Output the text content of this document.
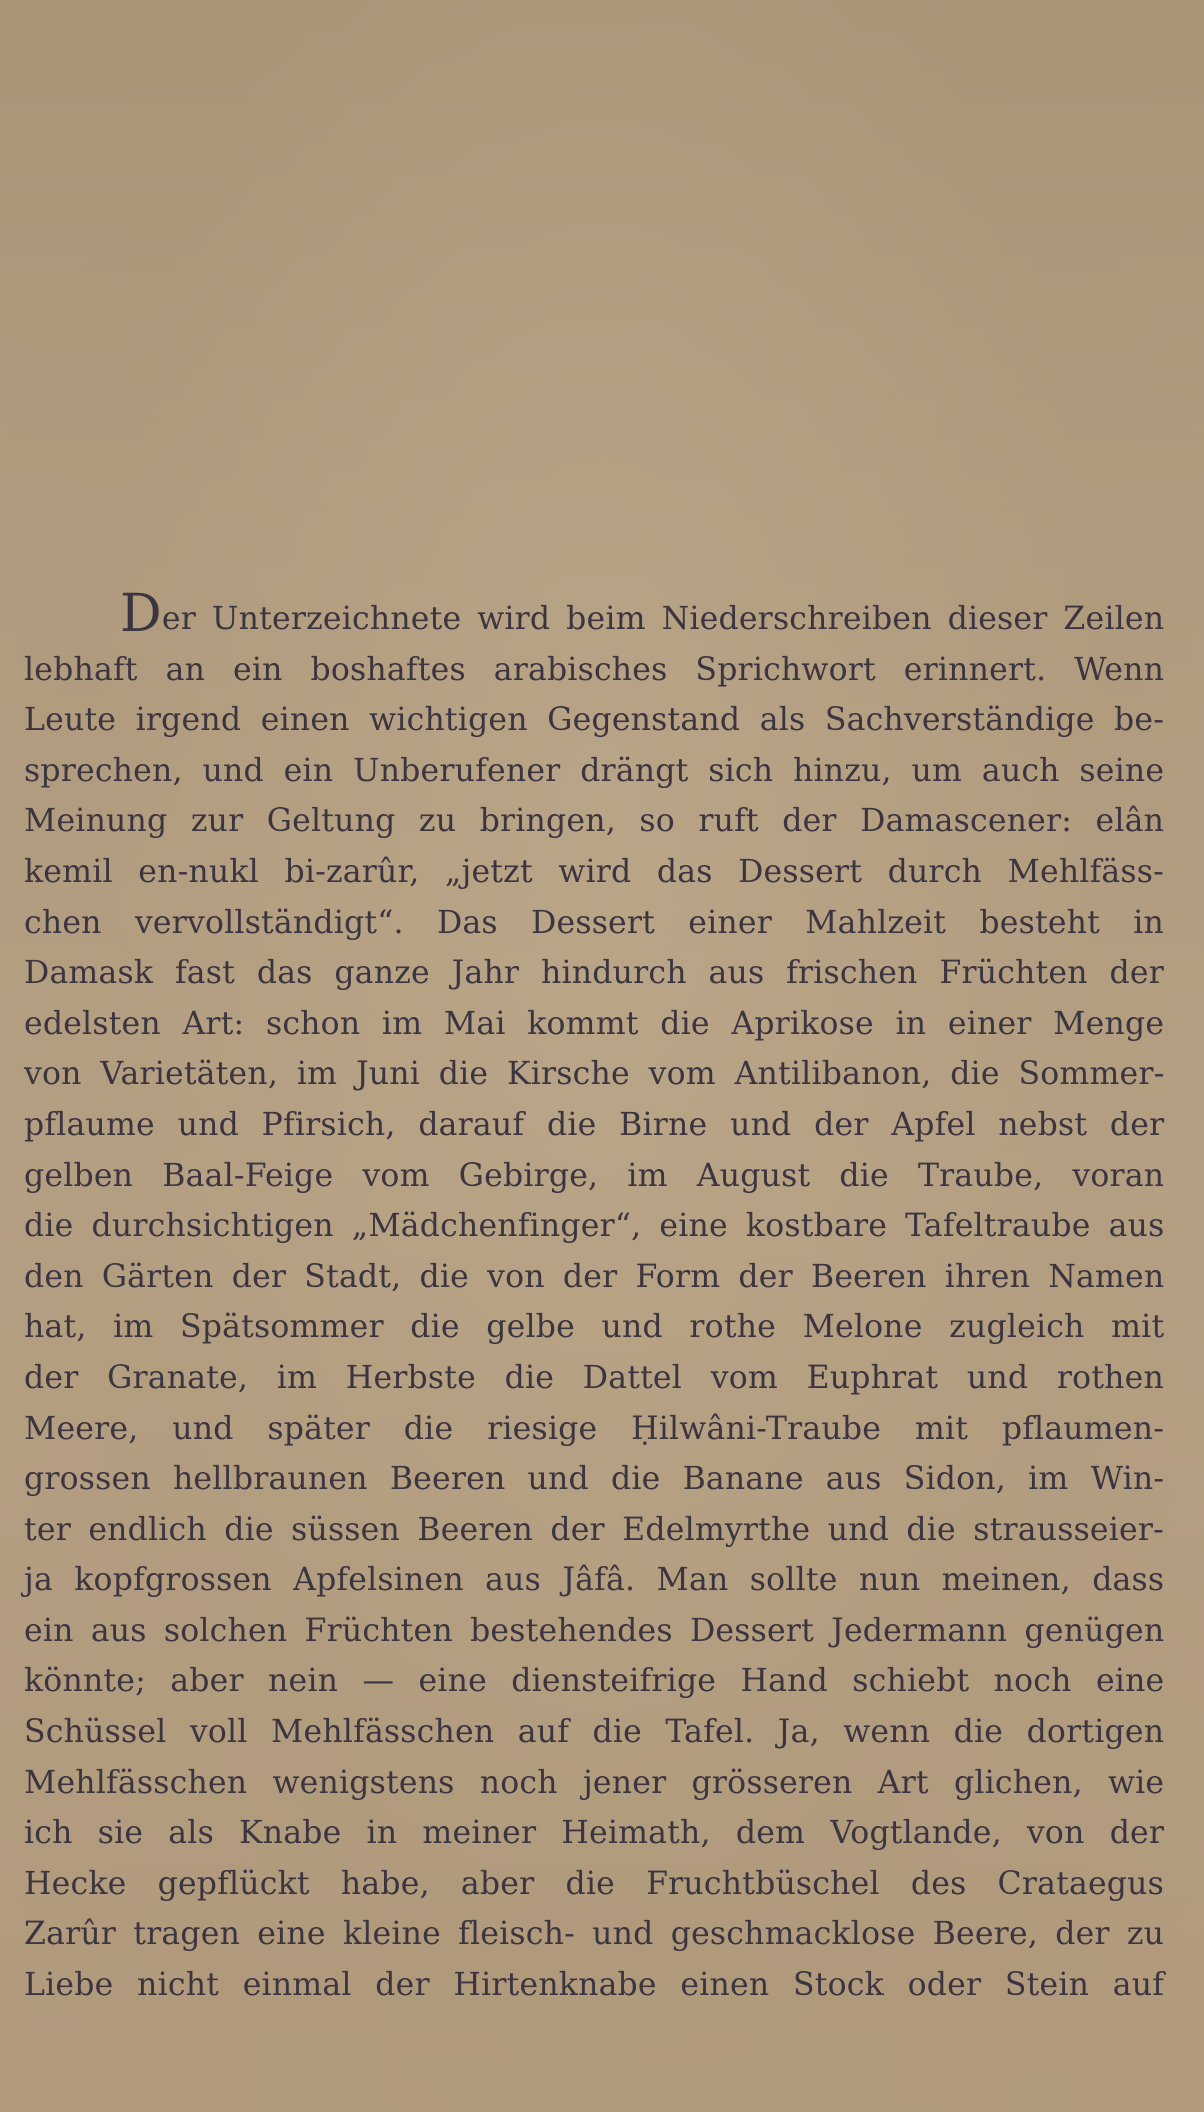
Der Unterzeichnete wird beim Niederschreiben dieser Zeilen
lebhaft an ein boshaftes arabisches Sprichwort erinnert. Wenn
Leute irgend einen wichtigen Gegenstand als Sachverständige be-
sprechen, und ein Unberufener drängt sich hinzu, um auch seine
Meinung zur Geltung zu bringen, so ruft der Damascener: elân
kemil en-nukl bi-zarûr, „jetzt wird das Dessert durch Mehlfäss-
chen vervollständigt“. Das Dessert einer Mahlzeit besteht in
Damask fast das ganze Jahr hindurch aus frischen Früchten der
edelsten Art: schon im Mai kommt die Aprikose in einer Menge
von Varietäten, im Juni die Kirsche vom Antilibanon, die Sommer-
pflaume und Pfirsich, darauf die Birne und der Apfel nebst der
gelben Baal-Feige vom Gebirge, im August die Traube, voran
die durchsichtigen „Mädchenfinger“, eine kostbare Tafeltraube aus
den Gärten der Stadt, die von der Form der Beeren ihren Namen
hat, im Spätsommer die gelbe und rothe Melone zugleich mit
der Granate, im Herbste die Dattel vom Euphrat und rothen
Meere, und später die riesige Ḥilwâni-Traube mit pflaumen-
grossen hellbraunen Beeren und die Banane aus Sidon, im Win-
ter endlich die süssen Beeren der Edelmyrthe und die strausseier-
ja kopfgrossen Apfelsinen aus Jâfâ. Man sollte nun meinen, dass
ein aus solchen Früchten bestehendes Dessert Jedermann genügen
könnte; aber nein — eine diensteifrige Hand schiebt noch eine
Schüssel voll Mehlfässchen auf die Tafel. Ja, wenn die dortigen
Mehlfässchen wenigstens noch jener grösseren Art glichen, wie
ich sie als Knabe in meiner Heimath, dem Vogtlande, von der
Hecke gepflückt habe, aber die Fruchtbüschel des Crataegus
Zarûr tragen eine kleine fleisch- und geschmacklose Beere, der zu
Liebe nicht einmal der Hirtenknabe einen Stock oder Stein auf
